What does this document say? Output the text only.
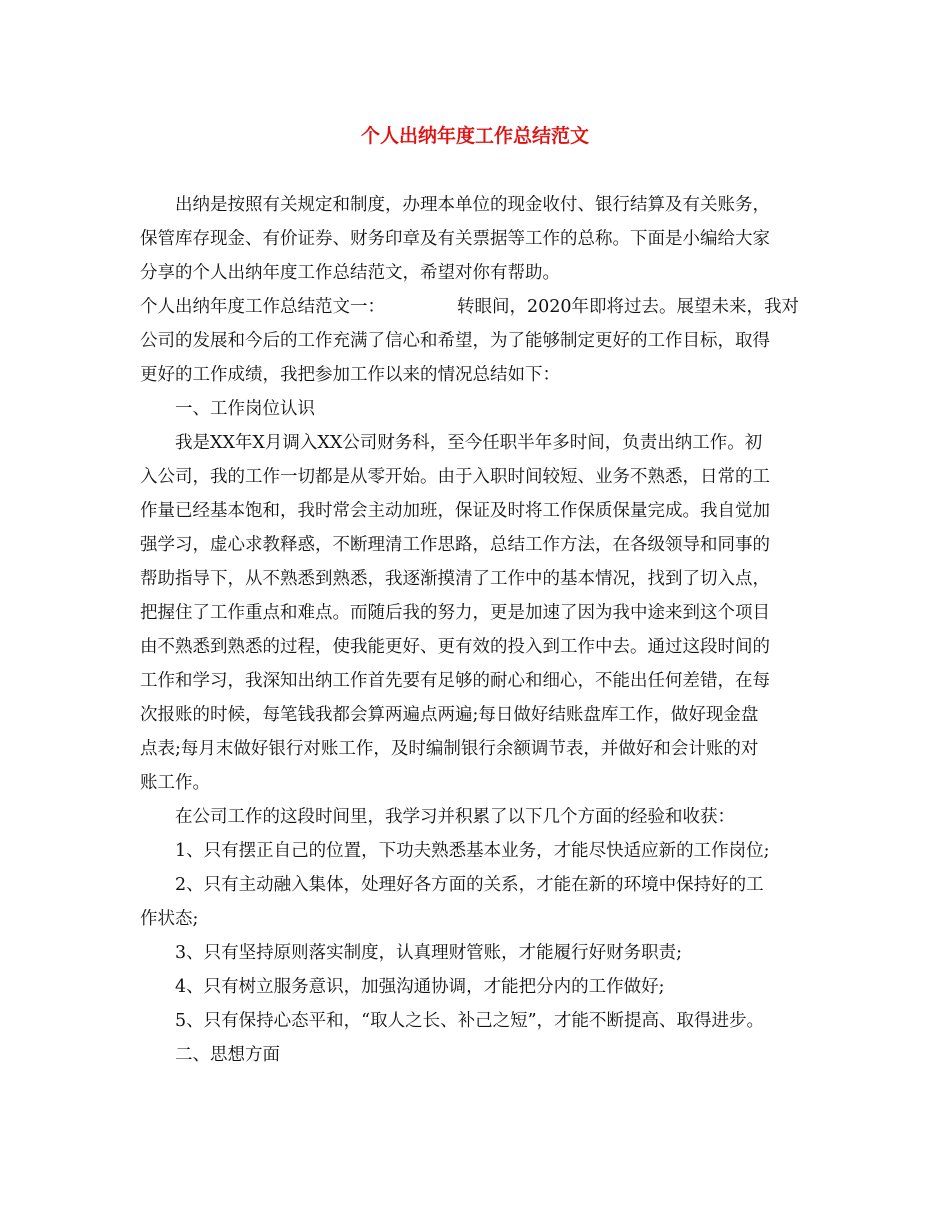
个人出纳年度工作总结范文
出纳是按照有关规定和制度，办理本单位的现金收付、银行结算及有关账务，
保管库存现金、有价证券、财务印章及有关票据等工作的总称。下面是小编给大家
分享的个人出纳年度工作总结范文，希望对你有帮助。
个人出纳年度工作总结范文一：	转眼间，2020年即将过去。展望未来，我对
公司的发展和今后的工作充满了信心和希望，为了能够制定更好的工作目标，取得
更好的工作成绩，我把参加工作以来的情况总结如下：
一、工作岗位认识
我是XX年X月调入XX公司财务科，至今任职半年多时间，负责出纳工作。初
入公司，我的工作一切都是从零开始。由于入职时间较短、业务不熟悉，日常的工
作量已经基本饱和，我时常会主动加班，保证及时将工作保质保量完成。我自觉加
强学习，虚心求教释惑，不断理清工作思路，总结工作方法，在各级领导和同事的
帮助指导下，从不熟悉到熟悉，我逐渐摸清了工作中的基本情况，找到了切入点，
把握住了工作重点和难点。而随后我的努力，更是加速了因为我中途来到这个项目
由不熟悉到熟悉的过程，使我能更好、更有效的投入到工作中去。通过这段时间的
工作和学习，我深知出纳工作首先要有足够的耐心和细心，不能出任何差错，在每
次报账的时候，每笔钱我都会算两遍点两遍;每日做好结账盘库工作，做好现金盘
点表;每月末做好银行对账工作，及时编制银行余额调节表，并做好和会计账的对
账工作。
在公司工作的这段时间里，我学习并积累了以下几个方面的经验和收获：
1、只有摆正自己的位置，下功夫熟悉基本业务，才能尽快适应新的工作岗位;
2、只有主动融入集体，处理好各方面的关系，才能在新的环境中保持好的工
作状态;
3、只有坚持原则落实制度，认真理财管账，才能履行好财务职责;
4、只有树立服务意识，加强沟通协调，才能把分内的工作做好;
5、只有保持心态平和，“取人之长、补己之短”，才能不断提高、取得进步。
二、思想方面
